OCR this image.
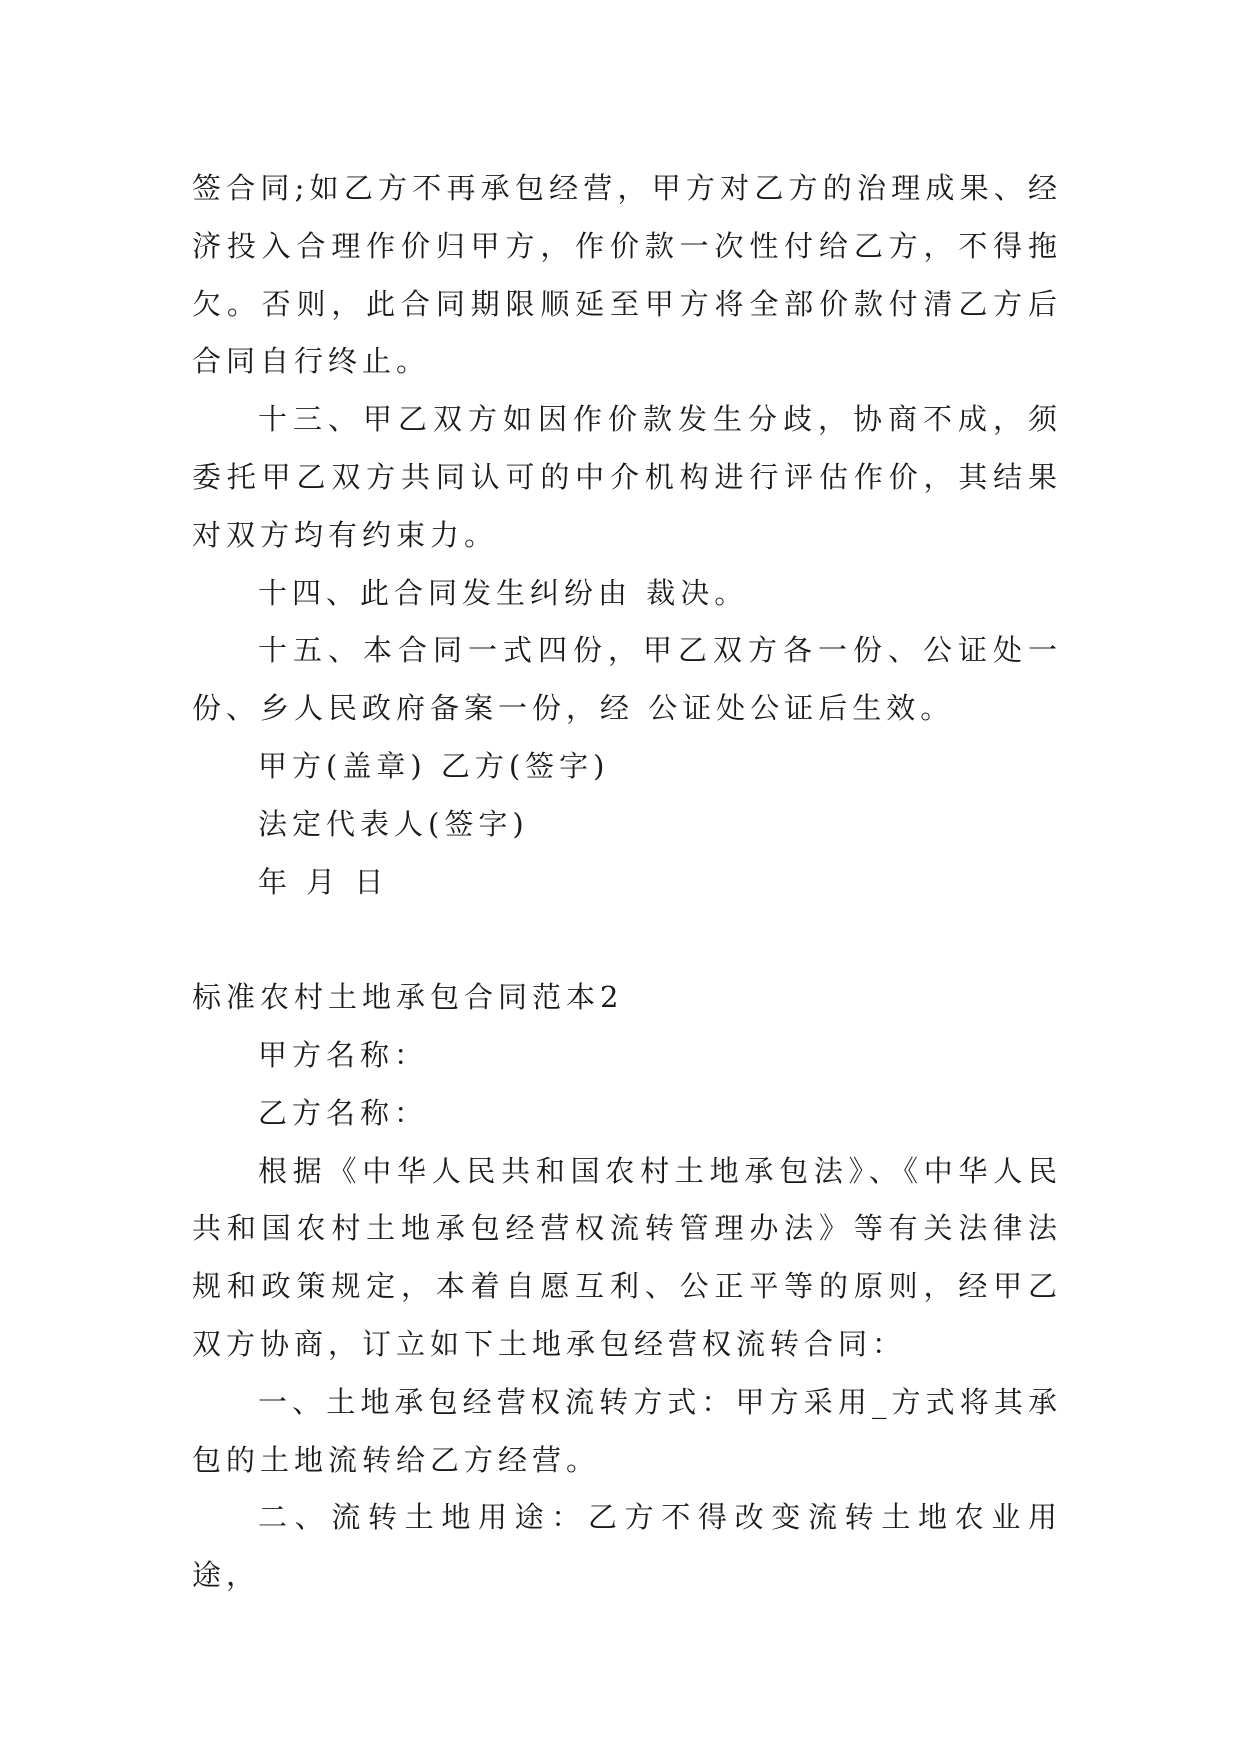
签合同;如乙方不再承包经营，甲方对乙方的治理成果、经济投入合理作价归甲方，作价款一次性付给乙方，不得拖欠。否则，此合同期限顺延至甲方将全部价款付清乙方后合同自行终止。

十三、甲乙双方如因作价款发生分歧，协商不成，须委托甲乙双方共同认可的中介机构进行评估作价，其结果对双方均有约束力。

十四、此合同发生纠纷由 裁决。

十五、本合同一式四份，甲乙双方各一份、公证处一份、乡人民政府备案一份，经 公证处公证后生效。

甲方(盖章) 乙方(签字)

法定代表人(签字)

年 月 日

标准农村土地承包合同范本2

甲方名称：

乙方名称：

根据《中华人民共和国农村土地承包法》、《中华人民共和国农村土地承包经营权流转管理办法》等有关法律法规和政策规定，本着自愿互利、公正平等的原则，经甲乙双方协商，订立如下土地承包经营权流转合同：

一、土地承包经营权流转方式：甲方采用_方式将其承包的土地流转给乙方经营。

二、流转土地用途：乙方不得改变流转土地农业用途，
